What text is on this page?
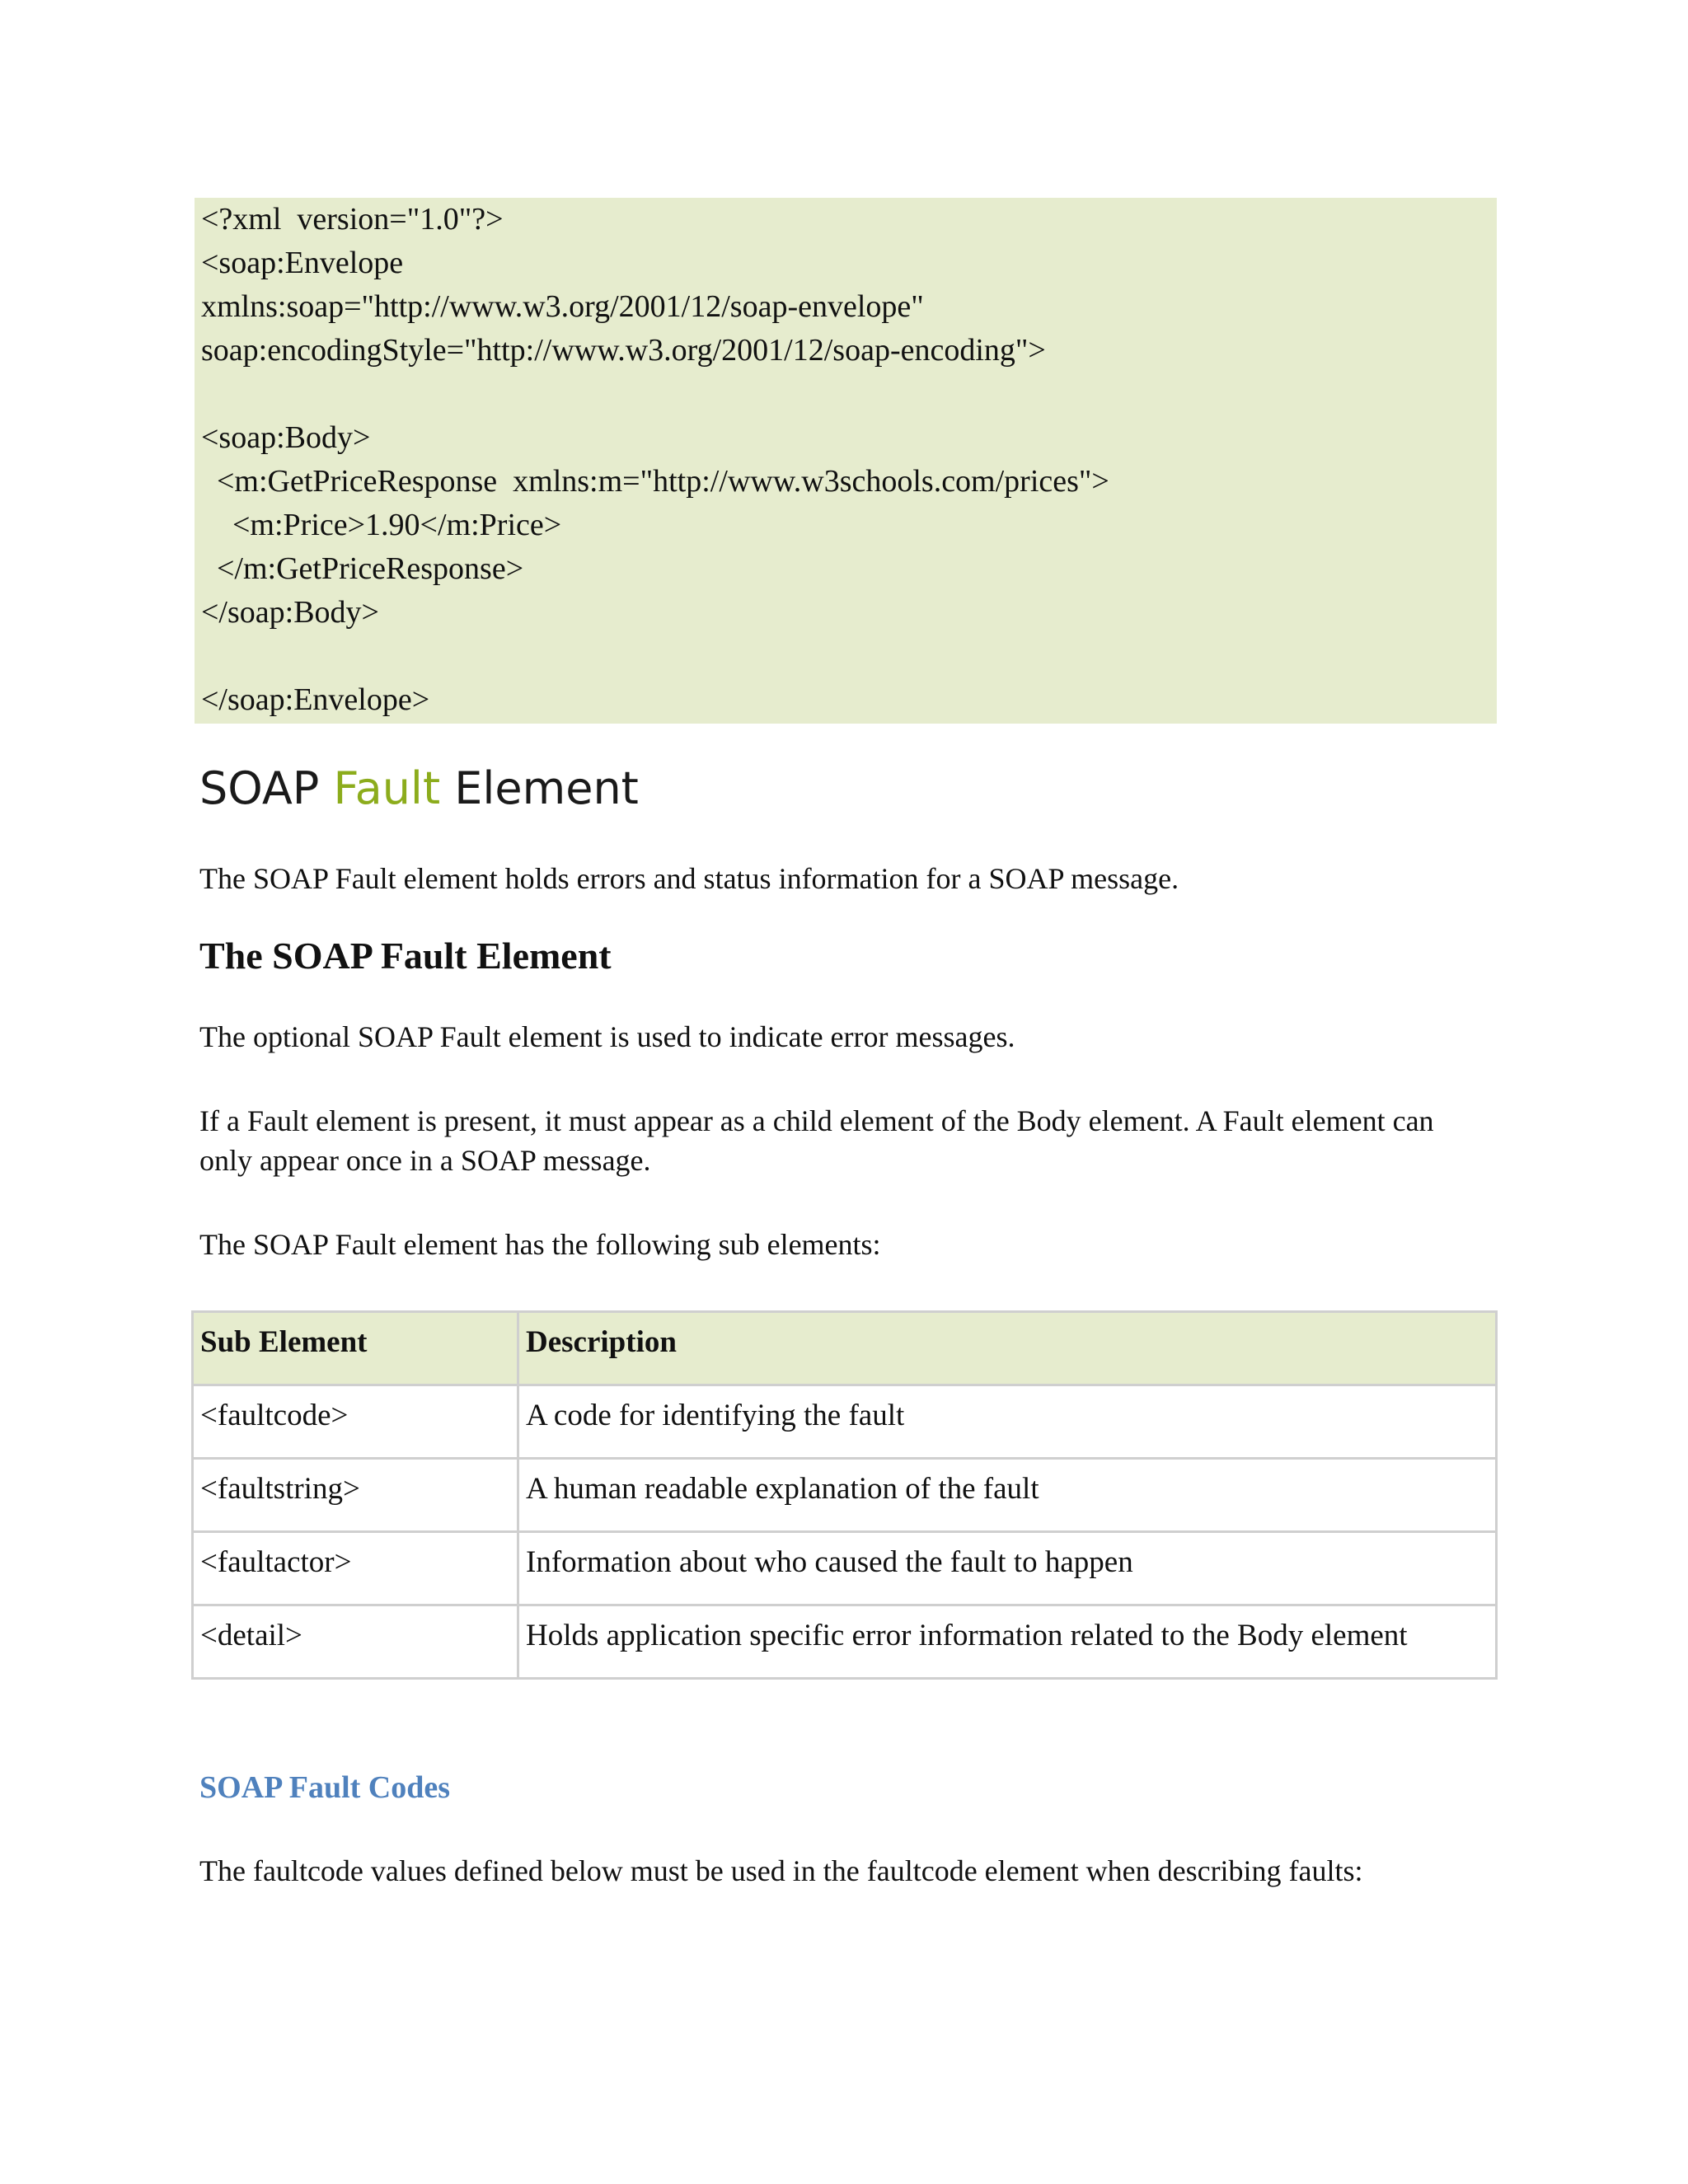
<?xml  version="1.0"?>
<soap:Envelope
xmlns:soap="http://www.w3.org/2001/12/soap-envelope"
soap:encodingStyle="http://www.w3.org/2001/12/soap-encoding">
<soap:Body>
<m:GetPriceResponse  xmlns:m="http://www.w3schools.com/prices">
<m:Price>1.90</m:Price>
</m:GetPriceResponse>
</soap:Body>
</soap:Envelope>
SOAP Fault Element
The SOAP Fault element holds errors and status information for a SOAP message.
The SOAP Fault Element
The optional SOAP Fault element is used to indicate error messages.
If a Fault element is present, it must appear as a child element of the Body element. A Fault element can only appear once in a SOAP message.
The SOAP Fault element has the following sub elements:
Sub Element	Description
<faultcode>	A code for identifying the fault
<faultstring>	A human readable explanation of the fault
<faultactor>	Information about who caused the fault to happen
<detail>	Holds application specific error information related to the Body element
SOAP Fault Codes
The faultcode values defined below must be used in the faultcode element when describing faults:
